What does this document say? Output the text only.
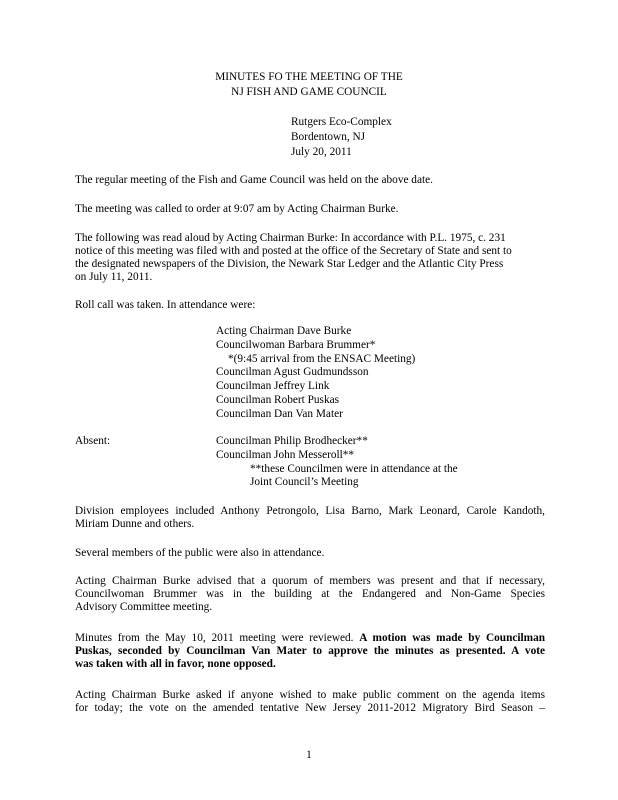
MINUTES FO THE MEETING OF THE
NJ FISH AND GAME COUNCIL
Rutgers Eco-Complex
Bordentown, NJ
July 20, 2011
The regular meeting of the Fish and Game Council was held on the above date.
The meeting was called to order at 9:07 am by Acting Chairman Burke.
The following was read aloud by Acting Chairman Burke: In accordance with P.L. 1975, c. 231
notice of this meeting was filed with and posted at the office of the Secretary of State and sent to
the designated newspapers of the Division, the Newark Star Ledger and the Atlantic City Press
on July 11, 2011.
Roll call was taken. In attendance were:
Acting Chairman Dave Burke
Councilwoman Barbara Brummer*
*(9:45 arrival from the ENSAC Meeting)
Councilman Agust Gudmundsson
Councilman Jeffrey Link
Councilman Robert Puskas
Councilman Dan Van Mater
Absent:	Councilman Philip Brodhecker**
Councilman John Messeroll**
**these Councilmen were in attendance at the
Joint Council’s Meeting
Division employees included Anthony Petrongolo, Lisa Barno, Mark Leonard, Carole Kandoth,
Miriam Dunne and others.
Several members of the public were also in attendance.
Acting Chairman Burke advised that a quorum of members was present and that if necessary,
Councilwoman Brummer was in the building at the Endangered and Non-Game Species
Advisory Committee meeting.
Minutes from the May 10, 2011 meeting were reviewed. A motion was made by Councilman
Puskas, seconded by Councilman Van Mater to approve the minutes as presented. A vote
was taken with all in favor, none opposed.
Acting Chairman Burke asked if anyone wished to make public comment on the agenda items
for today; the vote on the amended tentative New Jersey 2011-2012 Migratory Bird Season –
1
